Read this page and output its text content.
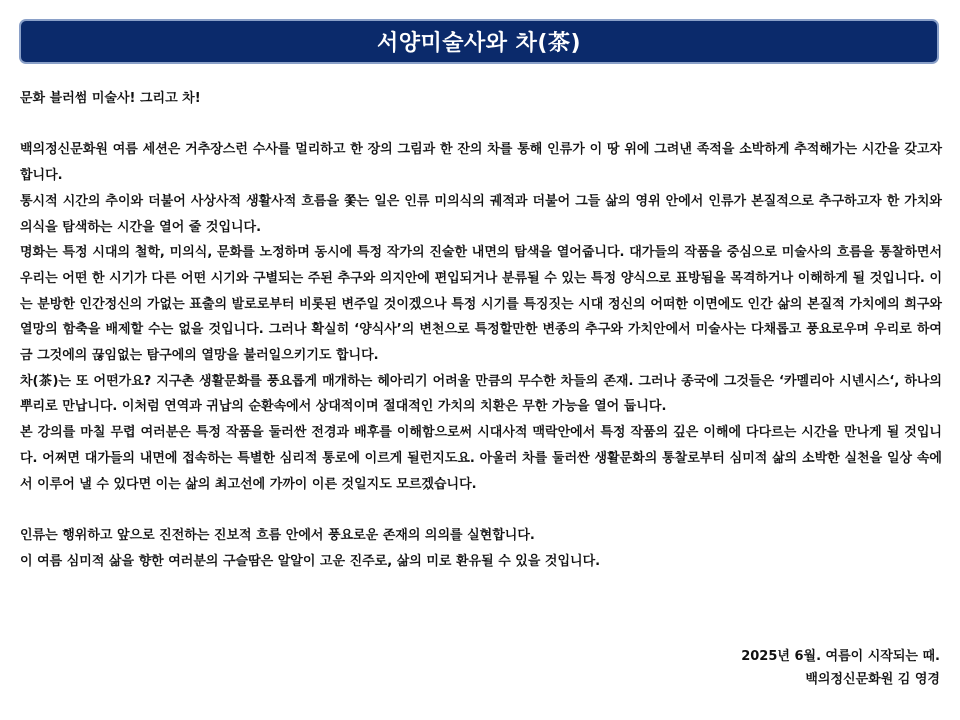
서양미술사와 차(茶)

문화 블러썸 미술사! 그리고 차!

백의정신문화원 여름 세션은 거추장스런 수사를 멀리하고 한 장의 그림과 한 잔의 차를 통해 인류가 이 땅 위에 그려낸 족적을 소박하게 추적해가는 시간을 갖고자 합니다.

통시적 시간의 추이와 더불어 사상사적 생활사적 흐름을 쫓는 일은 인류 미의식의 궤적과 더불어 그들 삶의 영위 안에서 인류가 본질적으로 추구하고자 한 가치와 의식을 탐색하는 시간을 열어 줄 것입니다.

명화는 특정 시대의 철학, 미의식, 문화를 노정하며 동시에 특정 작가의 진술한 내면의 탐색을 열어줍니다. 대가들의 작품을 중심으로 미술사의 흐름을 통찰하면서 우리는 어떤 한 시기가 다른 어떤 시기와 구별되는 주된 추구와 의지안에 편입되거나 분류될 수 있는 특정 양식으로 표방됨을 목격하거나 이해하게 될 것입니다. 이는 분방한 인간정신의 가없는 표출의 발로로부터 비롯된 변주일 것이겠으나 특정 시기를 특징짓는 시대 정신의 어떠한 이면에도 인간 삶의 본질적 가치에의 희구와 열망의 함축을 배제할 수는 없을 것입니다. 그러나 확실히 ‘양식사’의 변천으로 특정할만한 변종의 추구와 가치안에서 미술사는 다채롭고 풍요로우며 우리로 하여금 그것에의 끊임없는 탐구에의 열망을 불러일으키기도 합니다.

차(茶)는 또 어떤가요? 지구촌 생활문화를 풍요롭게 매개하는 헤아리기 어려울 만큼의 무수한 차들의 존재. 그러나 종국에 그것들은 ‘카멜리아 시넨시스‘, 하나의 뿌리로 만납니다. 이처럼 연역과 귀납의 순환속에서 상대적이며 절대적인 가치의 치환은 무한 가능을 열어 둡니다.

본 강의를 마칠 무렵 여러분은 특정 작품을 둘러싼 전경과 배후를 이해함으로써 시대사적 맥락안에서 특정 작품의 깊은 이해에 다다르는 시간을 만나게 될 것입니다. 어쩌면 대가들의 내면에 접속하는 특별한 심리적 통로에 이르게 될런지도요. 아울러 차를 둘러싼 생활문화의 통찰로부터 심미적 삶의 소박한 실천을 일상 속에서 이루어 낼 수 있다면 이는 삶의 최고선에 가까이 이른 것일지도 모르겠습니다.

인류는 행위하고 앞으로 진전하는 진보적 흐름 안에서 풍요로운 존재의 의의를 실현합니다.

이 여름 심미적 삶을 향한 여러분의 구슬땀은 알알이 고운 진주로, 삶의 미로 환유될 수 있을 것입니다.

2025년 6월. 여름이 시작되는 때.
백의정신문화원 김 영경
